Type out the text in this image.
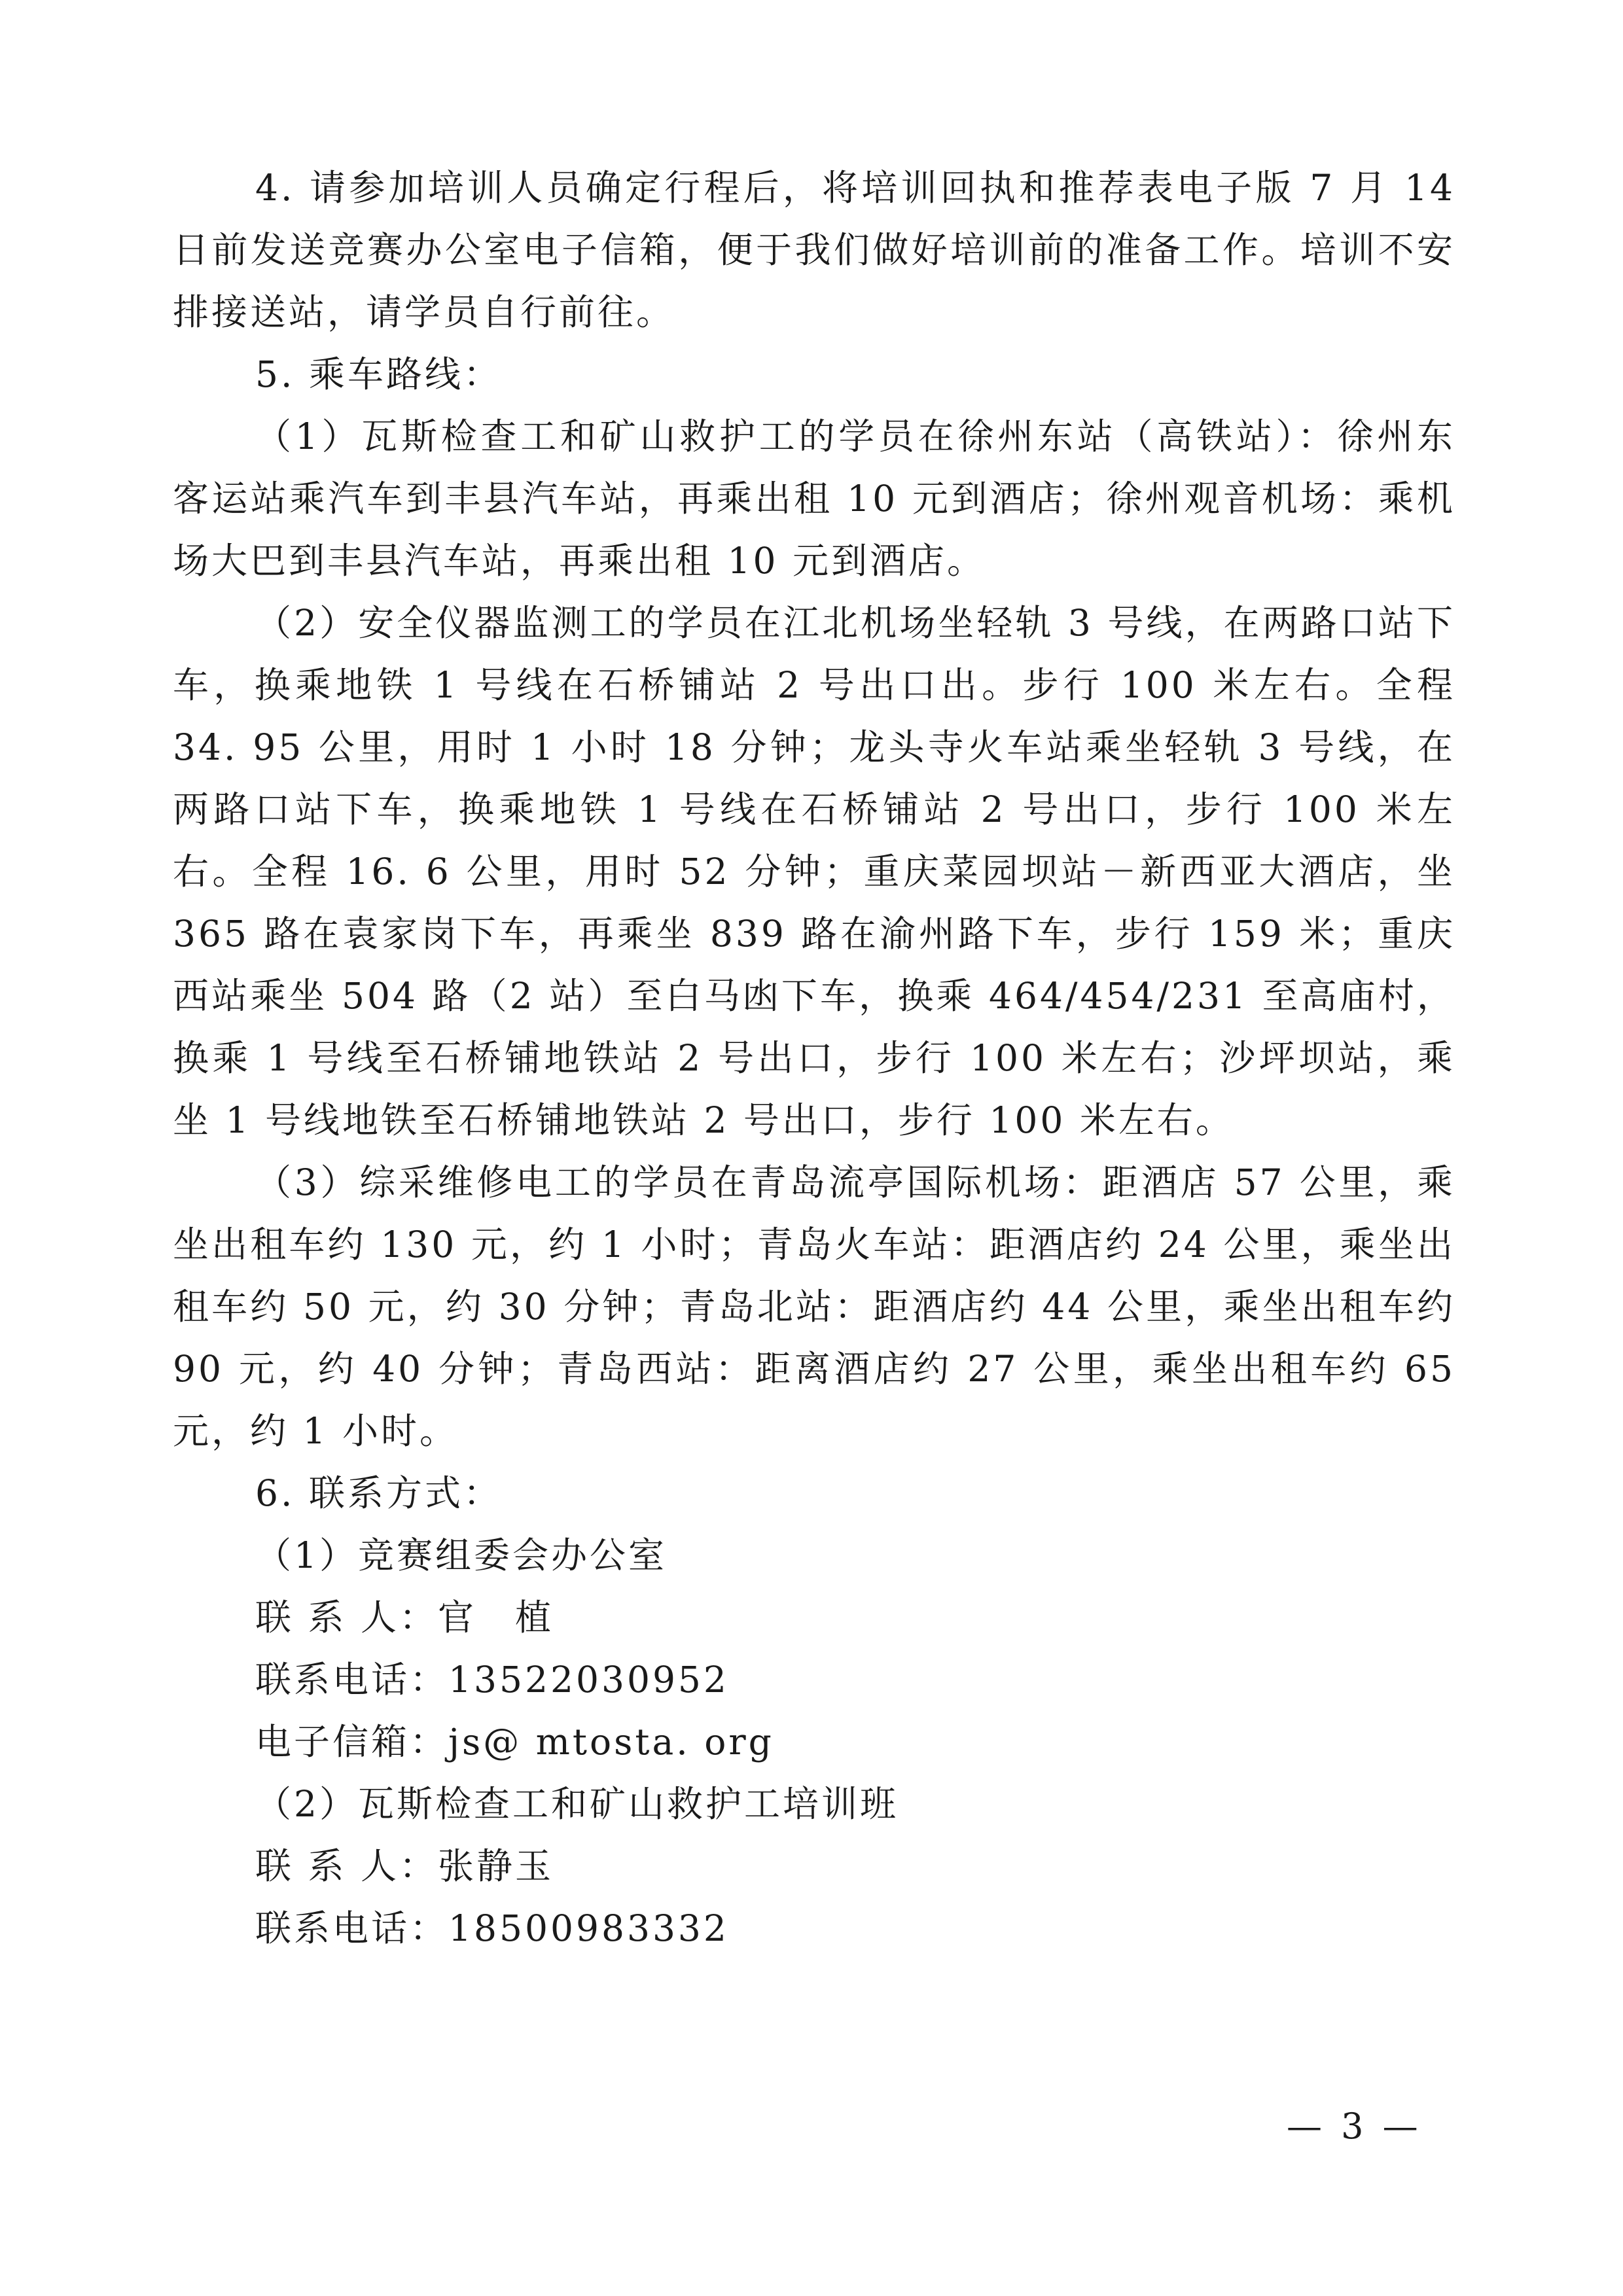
4. 请参加培训人员确定行程后，将培训回执和推荐表电子版 7 月 14 日前发送竞赛办公室电子信箱，便于我们做好培训前的准备工作。培训不安排接送站，请学员自行前往。

5. 乘车路线：

（1）瓦斯检查工和矿山救护工的学员在徐州东站（高铁站）：徐州东客运站乘汽车到丰县汽车站，再乘出租 10 元到酒店；徐州观音机场：乘机场大巴到丰县汽车站，再乘出租 10 元到酒店。

（2）安全仪器监测工的学员在江北机场坐轻轨 3 号线，在两路口站下车，换乘地铁 1 号线在石桥铺站 2 号出口出。步行 100 米左右。全程 34. 95 公里，用时 1 小时 18 分钟；龙头寺火车站乘坐轻轨 3 号线，在两路口站下车，换乘地铁 1 号线在石桥铺站 2 号出口，步行 100 米左右。全程 16. 6 公里，用时 52 分钟；重庆菜园坝站－新西亚大酒店，坐 365 路在袁家岗下车，再乘坐 839 路在渝州路下车，步行 159 米；重庆西站乘坐 504 路（2 站）至白马凼下车，换乘 464/454/231 至高庙村，换乘 1 号线至石桥铺地铁站 2 号出口，步行 100 米左右；沙坪坝站，乘坐 1 号线地铁至石桥铺地铁站 2 号出口，步行 100 米左右。

（3）综采维修电工的学员在青岛流亭国际机场：距酒店 57 公里，乘坐出租车约 130 元，约 1 小时；青岛火车站：距酒店约 24 公里，乘坐出租车约 50 元，约 30 分钟；青岛北站：距酒店约 44 公里，乘坐出租车约 90 元，约 40 分钟；青岛西站：距离酒店约 27 公里，乘坐出租车约 65 元，约 1 小时。

6. 联系方式：

（1）竞赛组委会办公室

联 系 人：官　植

联系电话：13522030952

电子信箱：js@ mtosta. org

（2）瓦斯检查工和矿山救护工培训班

联 系 人：张静玉

联系电话：18500983332

— 3 —
